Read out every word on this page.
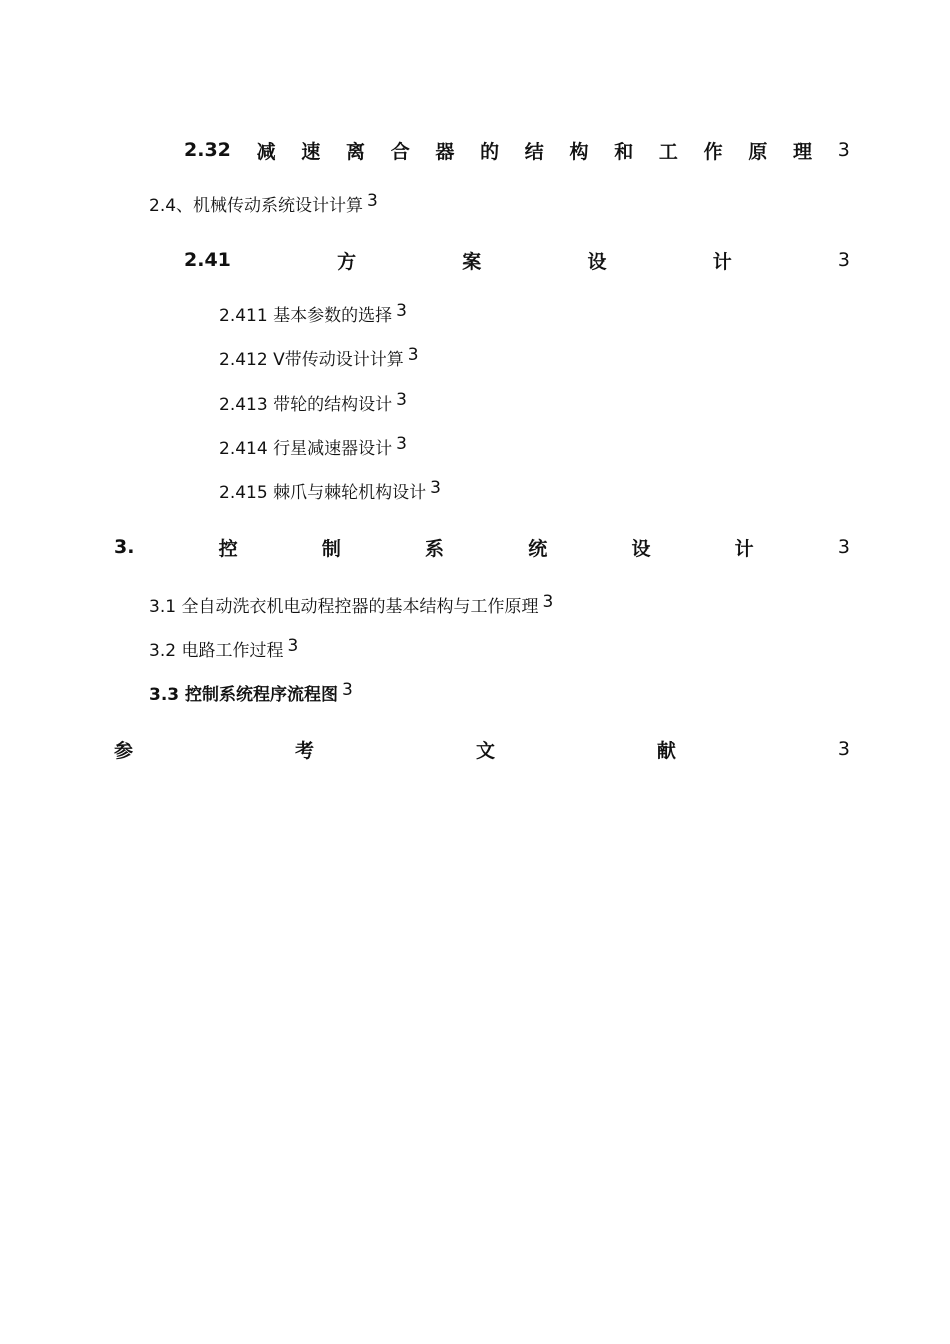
2.32 减 速 离 合 器 的 结 构 和 工 作 原 理 3
2.4、机械传动系统设计计算 3
2.41	方	案	设	计	3
2.411 基本参数的选择 3
2.412 V带传动设计计算 3
2.413 带轮的结构设计 3
2.414 行星减速器设计 3
2.415 棘爪与棘轮机构设计 3
3.	控	制	系	统	设	计	3
3.1 全自动洗衣机电动程控器的基本结构与工作原理 3
3.2 电路工作过程 3
3.3 控制系统程序流程图 3
参	考	文	献	3
